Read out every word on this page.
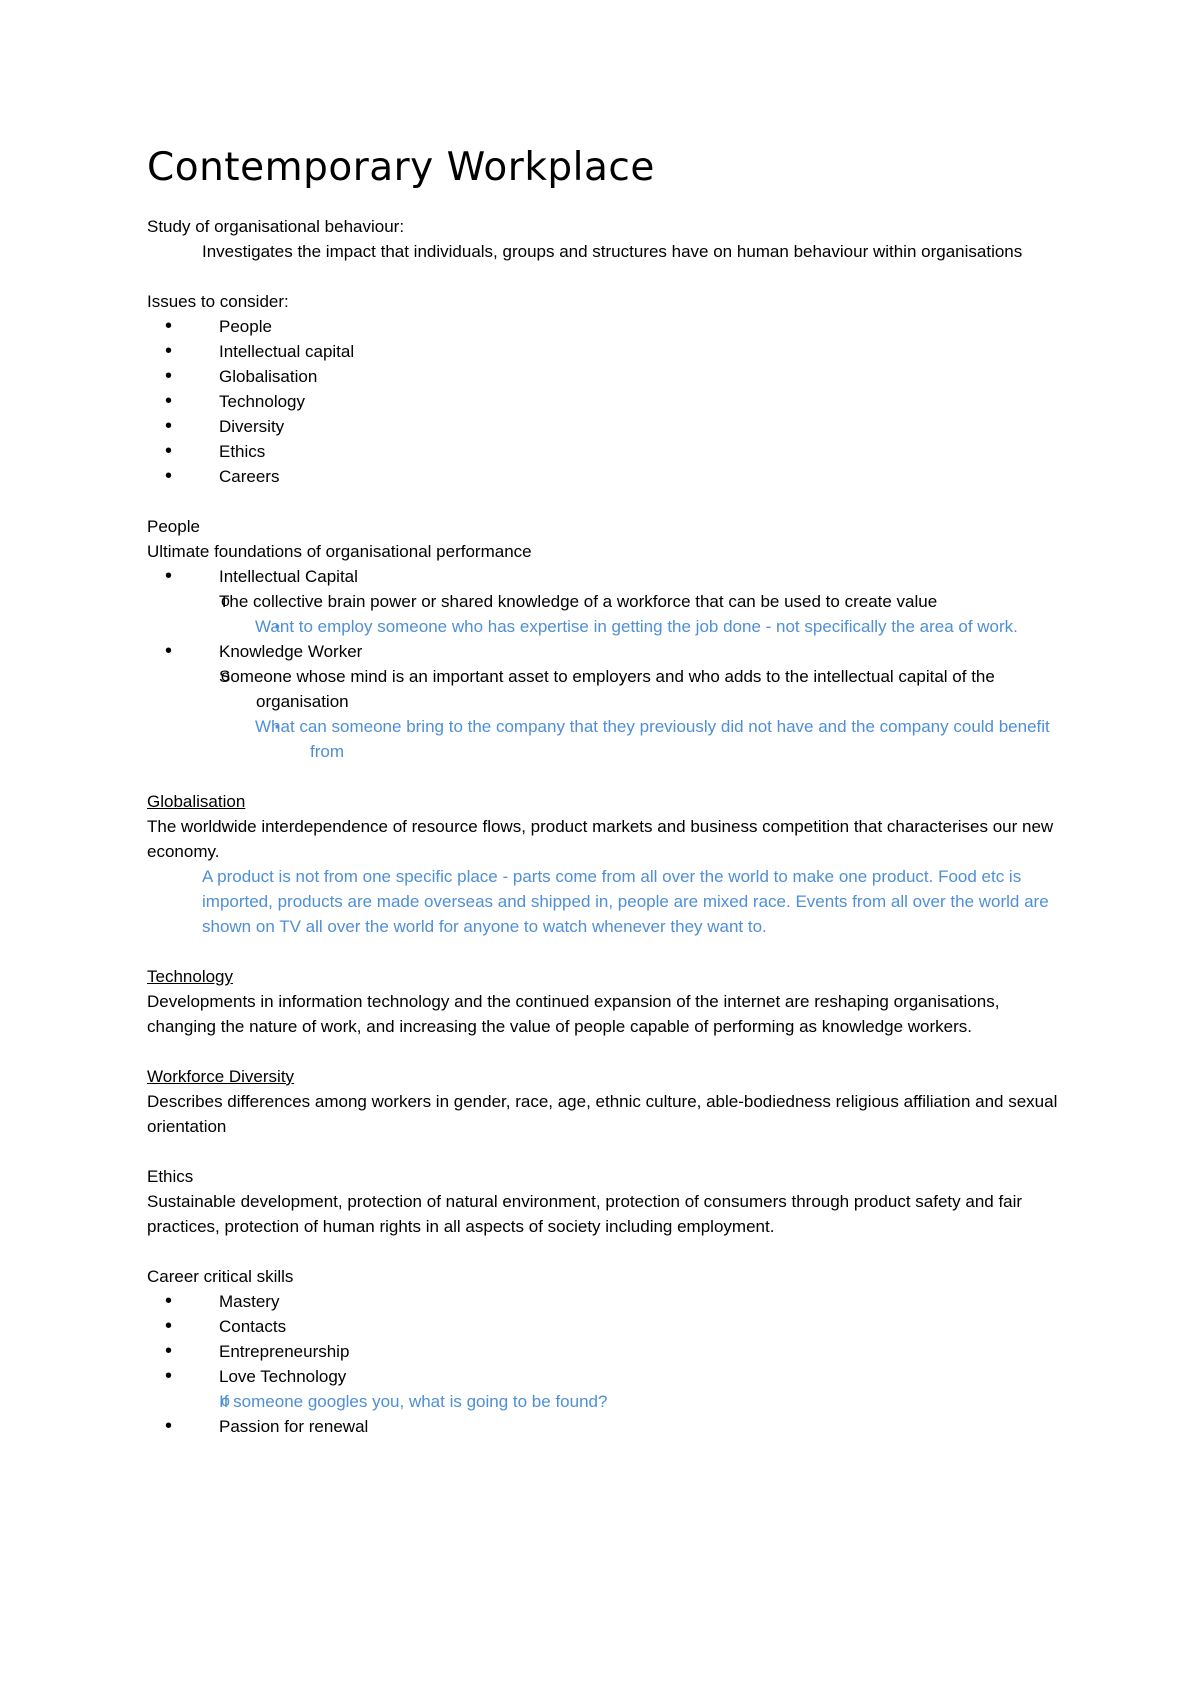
Contemporary Workplace

Study of organisational behaviour:

Investigates the impact that individuals, groups and structures have on human behaviour within organisations

Issues to consider:

• People
• Intellectual capital
• Globalisation
• Technology
• Diversity
• Ethics
• Careers

People

Ultimate foundations of organisational performance

• Intellectual Capital
o The collective brain power or shared knowledge of a workforce that can be used to create value
▪ Want to employ someone who has expertise in getting the job done - not specifically the area of work.
• Knowledge Worker
o Someone whose mind is an important asset to employers and who adds to the intellectual capital of the organisation
▪ What can someone bring to the company that they previously did not have and the company could benefit from

Globalisation

The worldwide interdependence of resource flows, product markets and business competition that characterises our new economy.

A product is not from one specific place - parts come from all over the world to make one product. Food etc is imported, products are made overseas and shipped in, people are mixed race. Events from all over the world are shown on TV all over the world for anyone to watch whenever they want to.

Technology

Developments in information technology and the continued expansion of the internet are reshaping organisations, changing the nature of work, and increasing the value of people capable of performing as knowledge workers.

Workforce Diversity

Describes differences among workers in gender, race, age, ethnic culture, able-bodiedness religious affiliation and sexual orientation

Ethics

Sustainable development, protection of natural environment, protection of consumers through product safety and fair practices, protection of human rights in all aspects of society including employment.

Career critical skills

• Mastery
• Contacts
• Entrepreneurship
• Love Technology
o If someone googles you, what is going to be found?
• Passion for renewal
